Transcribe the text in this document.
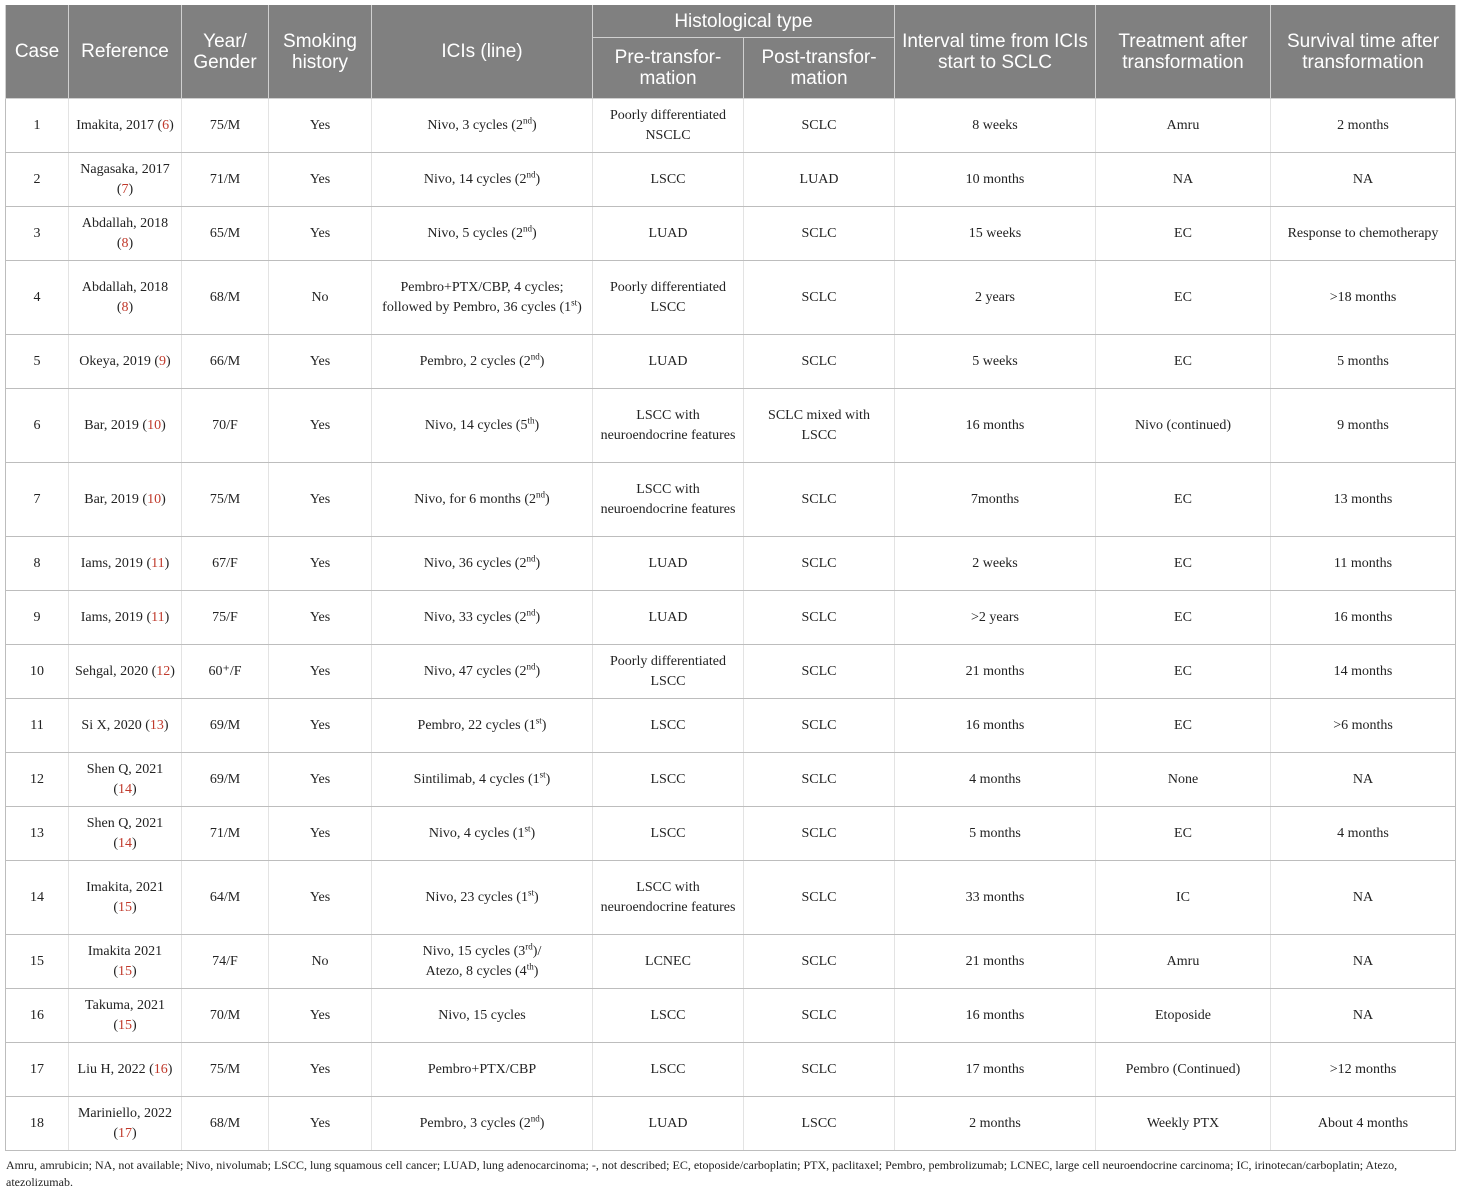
Case	Reference	Year/ Gender	Smoking history	ICIs (line)	Histological type		Interval time from ICIs start to SCLC	Treatment after transformation	Survival time after transformation
					Pre-transfor- mation	Post-transfor- mation			
1	Imakita, 2017 (6)	75/M	Yes	Nivo, 3 cycles (2nd)	Poorly differentiated NSCLC	SCLC	8 weeks	Amru	2 months
2	Nagasaka, 2017 (7)	71/M	Yes	Nivo, 14 cycles (2nd)	LSCC	LUAD	10 months	NA	NA
3	Abdallah, 2018 (8)	65/M	Yes	Nivo, 5 cycles (2nd)	LUAD	SCLC	15 weeks	EC	Response to chemotherapy
4	Abdallah, 2018 (8)	68/M	No	Pembro+PTX/CBP, 4 cycles; followed by Pembro, 36 cycles (1st)	Poorly differentiated LSCC	SCLC	2 years	EC	>18 months
5	Okeya, 2019 (9)	66/M	Yes	Pembro, 2 cycles (2nd)	LUAD	SCLC	5 weeks	EC	5 months
6	Bar, 2019 (10)	70/F	Yes	Nivo, 14 cycles (5th)	LSCC with neuroendocrine features	SCLC mixed with LSCC	16 months	Nivo (continued)	9 months
7	Bar, 2019 (10)	75/M	Yes	Nivo, for 6 months (2nd)	LSCC with neuroendocrine features	SCLC	7months	EC	13 months
8	Iams, 2019 (11)	67/F	Yes	Nivo, 36 cycles (2nd)	LUAD	SCLC	2 weeks	EC	11 months
9	Iams, 2019 (11)	75/F	Yes	Nivo, 33 cycles (2nd)	LUAD	SCLC	>2 years	EC	16 months
10	Sehgal, 2020 (12)	60⁺/F	Yes	Nivo, 47 cycles (2nd)	Poorly differentiated LSCC	SCLC	21 months	EC	14 months
11	Si X, 2020 (13)	69/M	Yes	Pembro, 22 cycles (1st)	LSCC	SCLC	16 months	EC	>6 months
12	Shen Q, 2021 (14)	69/M	Yes	Sintilimab, 4 cycles (1st)	LSCC	SCLC	4 months	None	NA
13	Shen Q, 2021 (14)	71/M	Yes	Nivo, 4 cycles (1st)	LSCC	SCLC	5 months	EC	4 months
14	Imakita, 2021 (15)	64/M	Yes	Nivo, 23 cycles (1st)	LSCC with neuroendocrine features	SCLC	33 months	IC	NA
15	Imakita 2021 (15)	74/F	No	Nivo, 15 cycles (3rd)/
Atezo, 8 cycles (4th)	LCNEC	SCLC	21 months	Amru	NA
16	Takuma, 2021 (15)	70/M	Yes	Nivo, 15 cycles	LSCC	SCLC	16 months	Etoposide	NA
17	Liu H, 2022 (16)	75/M	Yes	Pembro+PTX/CBP	LSCC	SCLC	17 months	Pembro (Continued)	>12 months
18	Mariniello, 2022 (17)	68/M	Yes	Pembro, 3 cycles (2nd)	LUAD	LSCC	2 months	Weekly PTX	About 4 months
Amru, amrubicin; NA, not available; Nivo, nivolumab; LSCC, lung squamous cell cancer; LUAD, lung adenocarcinoma; -, not described; EC, etoposide/carboplatin; PTX, paclitaxel; Pembro, pembrolizumab; LCNEC, large cell neuroendocrine carcinoma; IC, irinotecan/carboplatin; Atezo, atezolizumab.
